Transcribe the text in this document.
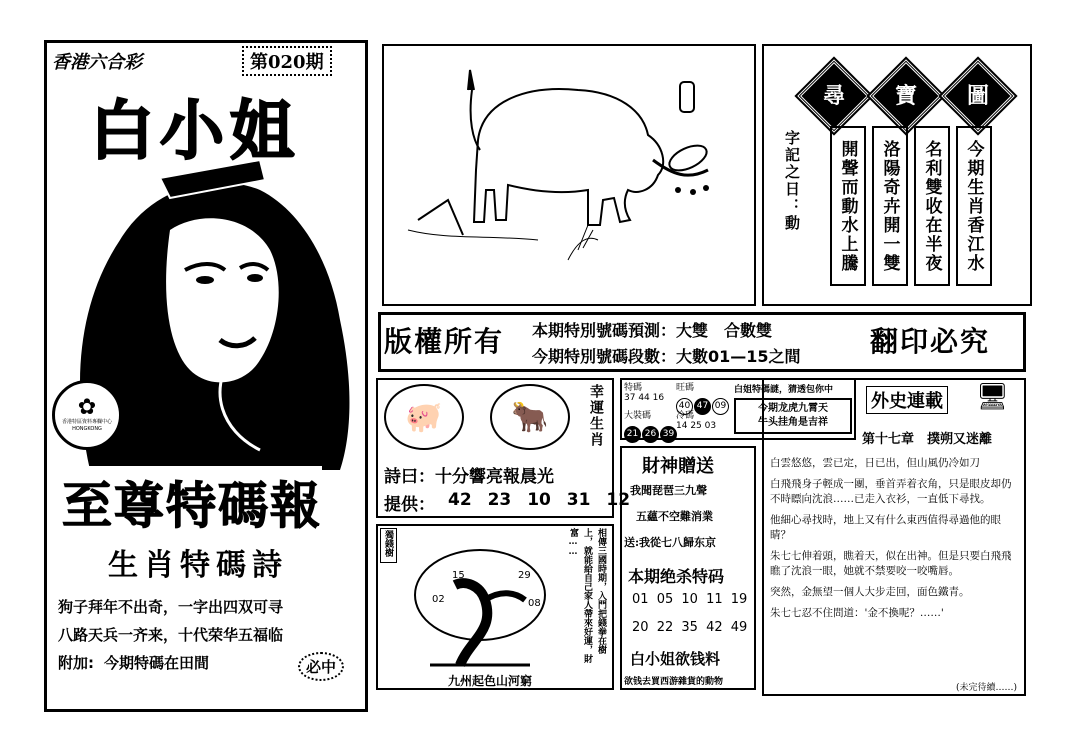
香港六合彩	第020期
白小姐
✿
香港特區資料專欄中心 HONGKONG
至尊特碼報
生肖特碼詩
狗子拜年不出奇，一字出四双可寻
八路天兵一齐来，十代荣华五福临
附加: 今期特碼在田間	必中
尋	寶	圖
今期生肖香江水
名利雙收在半夜
洛陽奇卉開一雙
開聲而動水上騰
字記之日：動
版權所有 本期特別號碼預測：大雙　合數雙
今期特別號碼段數：大數01—15之間 翻印必究
🐖	🐂	幸運生肖
詩曰：十分響亮報晨光
提供： 42 23 10 31 12
特碼
37 44 16
旺碼
40 47 09
大裝碼
21 26 39
冷碼
14 25 03
白姐特碼謎，猜透包你中
今期龙虎九霄天
牛头挂角是吉祥
財神贈送
我聞琵琶三九聲
五蘊不空難消業
送:我從七八歸东京
本期绝杀特码
01 05 10 11 19
20 22 35 42 49
白小姐欲钱料
欲钱去買西游雜貨的動物
獨錢樹
15	29
02	08	相傳三國時期，入門把錢拳在樹上，就能給自己家人帶來好運，財富……
九州起色山河窮
外史連載 🖥
第十七章　撲朔又迷離

白雲悠悠，雲已定，日已出，但山風仍冷如刀

白飛飛身子輕成一團，垂首弄着衣角，只是眼皮却仍不時瞟向沈浪……已走入衣衫，一直低下尋找。

他細心尋找時，地上又有什么東西值得尋過他的眼睛？

朱七七伸着頭，瞧着天，似在出神。但是只要白飛飛瞧了沈浪一眼，她就不禁要咬一咬嘴唇。

突然，金無望一個人大步走回，面色鐵青。

朱七七忍不住問道：'金不換呢？……'

(未完待續……)
